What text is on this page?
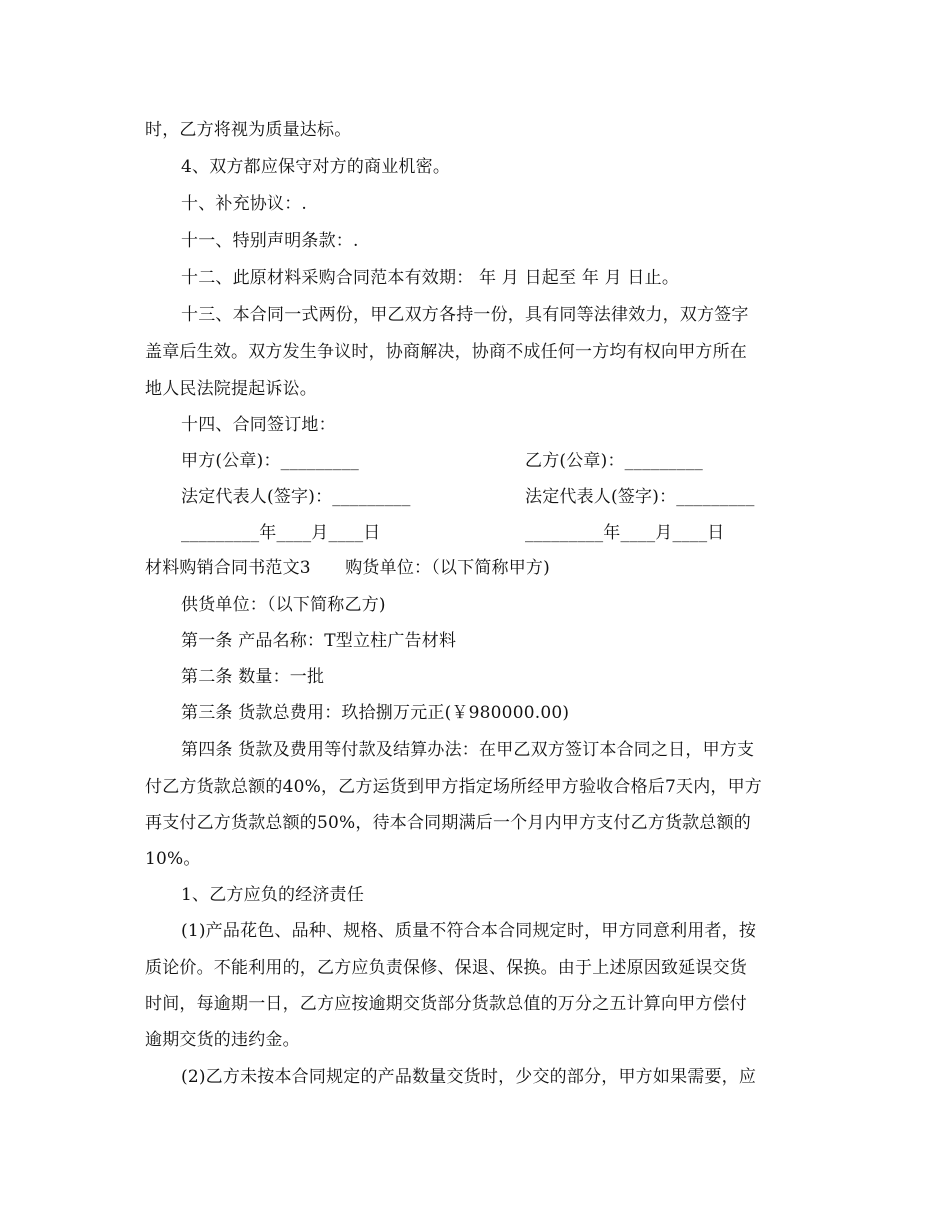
时，乙方将视为质量达标。
4、双方都应保守对方的商业机密。
十、补充协议：.
十一、特别声明条款：.
十二、此原材料采购合同范本有效期： 年 月 日起至 年 月 日止。
十三、本合同一式两份，甲乙双方各持一份，具有同等法律效力，双方签字
盖章后生效。双方发生争议时，协商解决，协商不成任何一方均有权向甲方所在
地人民法院提起诉讼。
十四、合同签订地：
甲方(公章)：_________	乙方(公章)：_________
法定代表人(签字)：_________	法定代表人(签字)：_________
_________年____月____日	_________年____月____日
材料购销合同书范文3　　购货单位：（以下简称甲方)
供货单位：（以下简称乙方)
第一条 产品名称：T型立柱广告材料
第二条 数量：一批
第三条 货款总费用：玖拾捌万元正(￥980000.00)
第四条 货款及费用等付款及结算办法：在甲乙双方签订本合同之日，甲方支
付乙方货款总额的40%，乙方运货到甲方指定场所经甲方验收合格后7天内，甲方
再支付乙方货款总额的50%，待本合同期满后一个月内甲方支付乙方货款总额的
10%。
1、乙方应负的经济责任
(1)产品花色、品种、规格、质量不符合本合同规定时，甲方同意利用者，按
质论价。不能利用的，乙方应负责保修、保退、保换。由于上述原因致延误交货
时间，每逾期一日，乙方应按逾期交货部分货款总值的万分之五计算向甲方偿付
逾期交货的违约金。
(2)乙方未按本合同规定的产品数量交货时，少交的部分，甲方如果需要，应
